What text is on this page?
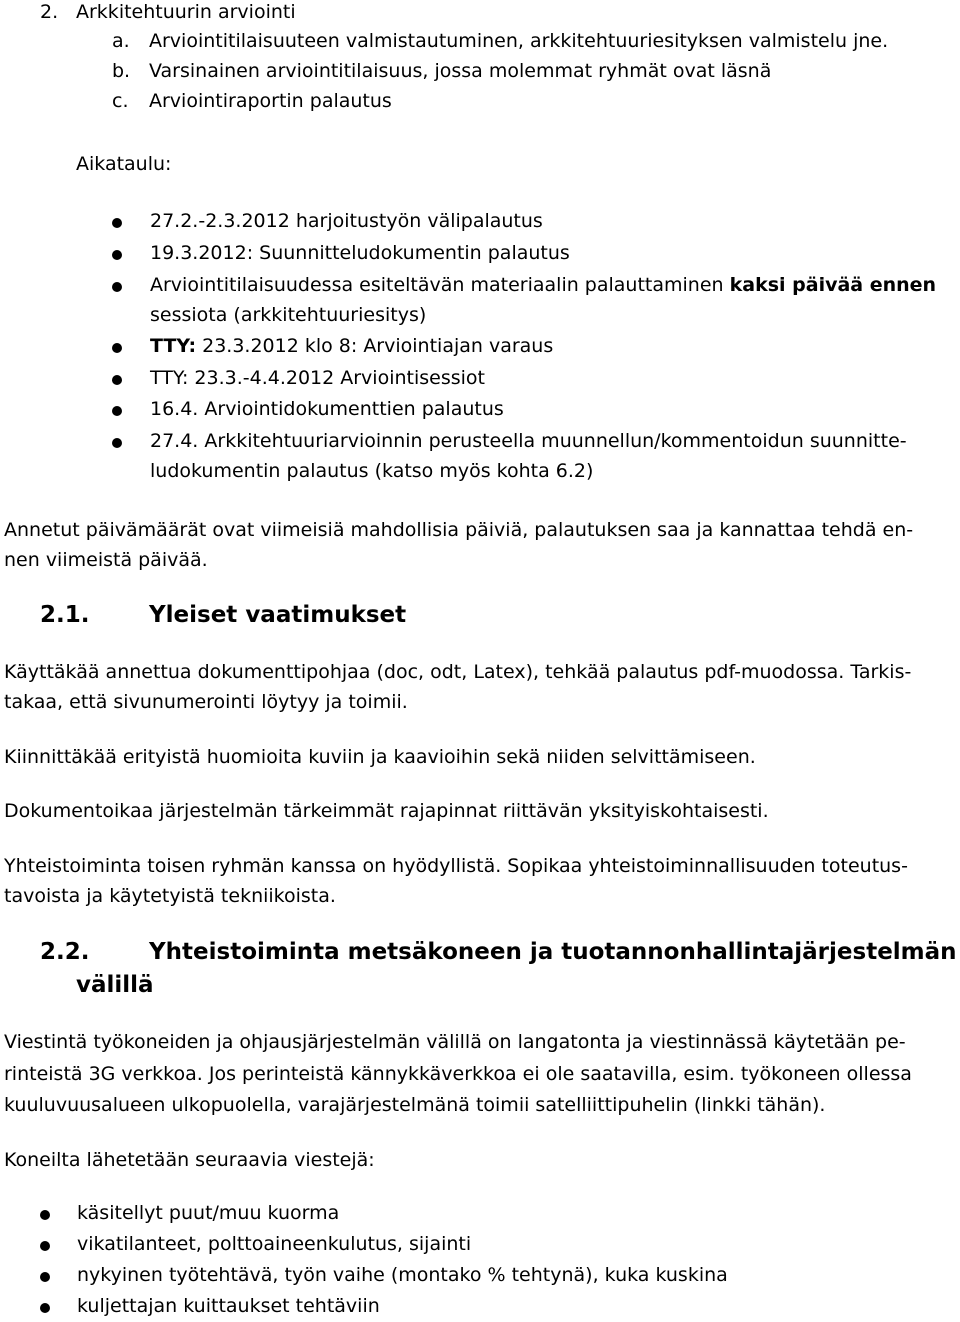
2. Arkkitehtuurin arviointi
a. Arviointitilaisuuteen valmistautuminen, arkkitehtuuriesityksen valmistelu jne.
b. Varsinainen arviointitilaisuus, jossa molemmat ryhmät ovat läsnä
c. Arviointiraportin palautus
Aikataulu:
27.2.-2.3.2012 harjoitustyön välipalautus
19.3.2012: Suunnitteludokumentin palautus
Arviointitilaisuudessa esiteltävän materiaalin palauttaminen kaksi päivää ennen
sessiota (arkkitehtuuriesitys)
TTY: 23.3.2012 klo 8: Arviointiajan varaus
TTY: 23.3.-4.4.2012 Arviointisessiot
16.4. Arviointidokumenttien palautus
27.4. Arkkitehtuuriarvioinnin perusteella muunnellun/kommentoidun suunnitte-
ludokumentin palautus (katso myös kohta 6.2)
Annetut päivämäärät ovat viimeisiä mahdollisia päiviä, palautuksen saa ja kannattaa tehdä en-
nen viimeistä päivää.
2.1.	Yleiset vaatimukset
Käyttäkää annettua dokumenttipohjaa (doc, odt, Latex), tehkää palautus pdf-muodossa. Tarkis-
takaa, että sivunumerointi löytyy ja toimii.
Kiinnittäkää erityistä huomioita kuviin ja kaavioihin sekä niiden selvittämiseen.
Dokumentoikaa järjestelmän tärkeimmät rajapinnat riittävän yksityiskohtaisesti.
Yhteistoiminta toisen ryhmän kanssa on hyödyllistä. Sopikaa yhteistoiminnallisuuden toteutus-
tavoista ja käytetyistä tekniikoista.
2.2.	Yhteistoiminta metsäkoneen ja tuotannonhallintajärjestelmän
välillä
Viestintä työkoneiden ja ohjausjärjestelmän välillä on langatonta ja viestinnässä käytetään pe-
rinteistä 3G verkkoa. Jos perinteistä kännykkäverkkoa ei ole saatavilla, esim. työkoneen ollessa
kuuluvuusalueen ulkopuolella, varajärjestelmänä toimii satelliittipuhelin (linkki tähän).
Koneilta lähetetään seuraavia viestejä:
käsitellyt puut/muu kuorma
vikatilanteet, polttoaineenkulutus, sijainti
nykyinen työtehtävä, työn vaihe (montako % tehtynä), kuka kuskina
kuljettajan kuittaukset tehtäviin
